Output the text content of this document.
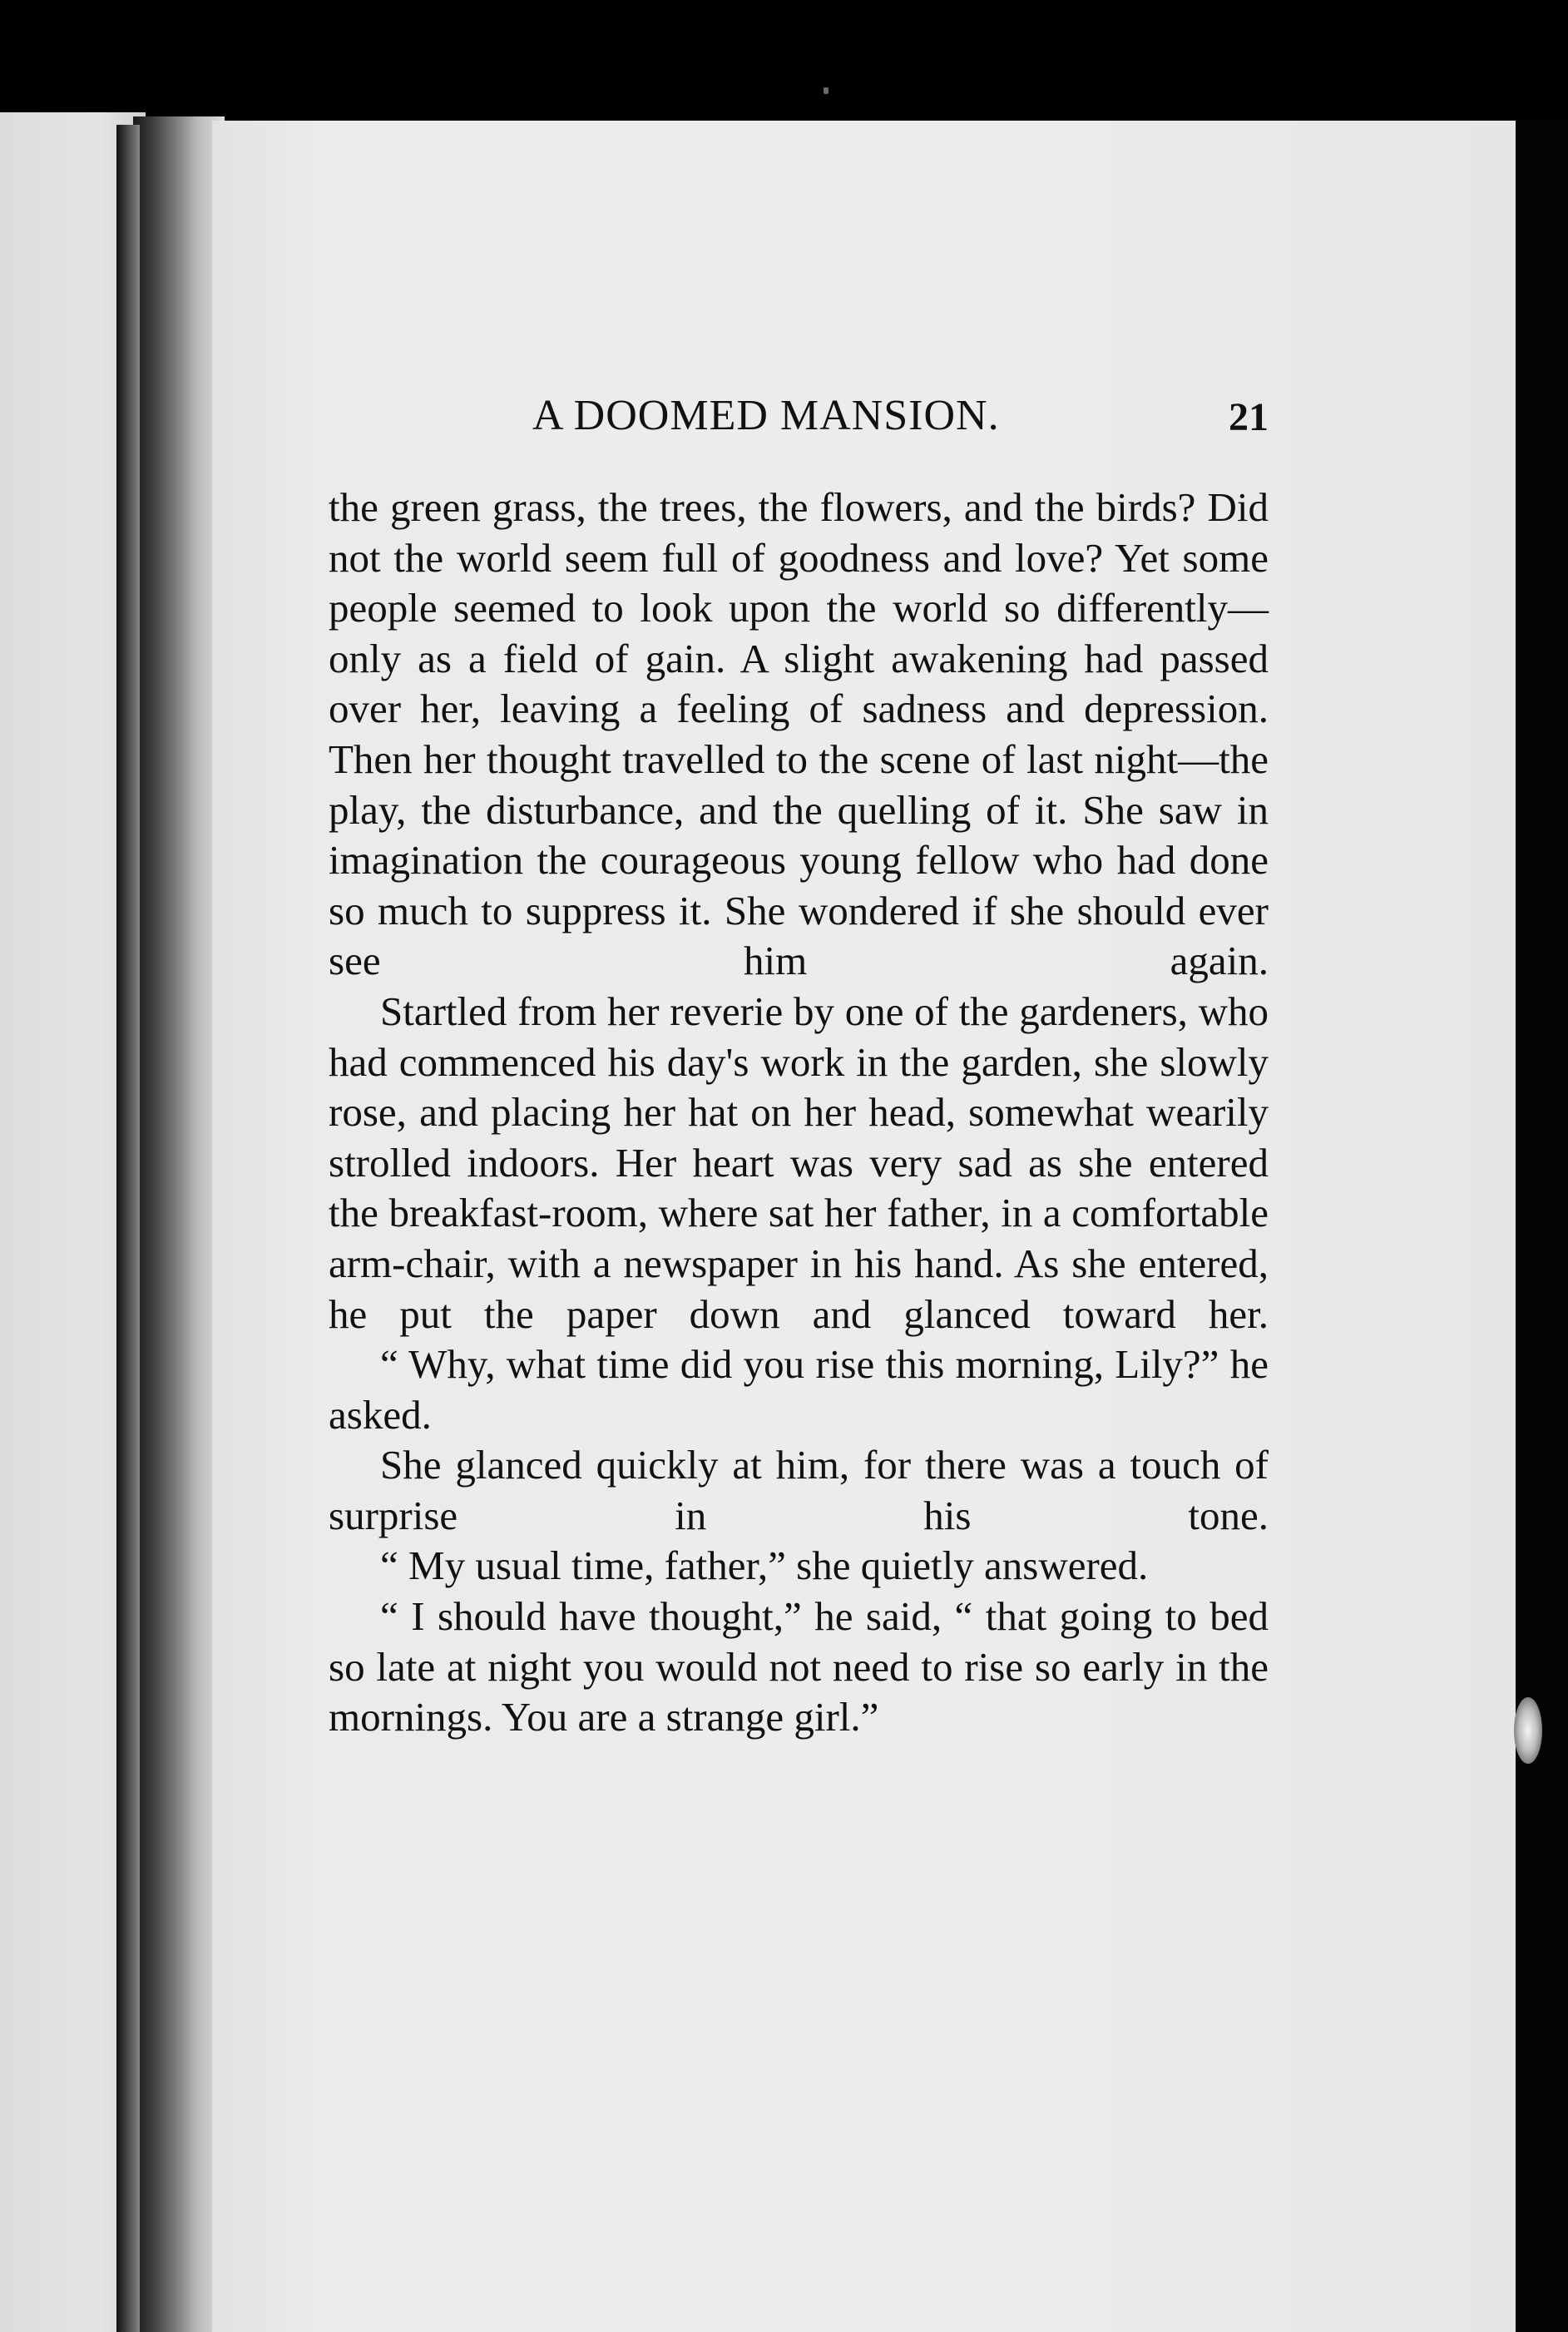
A DOOMED MANSION.	21

the green grass, the trees, the flowers, and the birds? Did not the world seem full of goodness and love? Yet some people seemed to look upon the world so differently—only as a field of gain. A slight awakening had passed over her, leaving a feeling of sadness and depression. Then her thought travelled to the scene of last night—the play, the disturbance, and the quelling of it. She saw in imagination the courageous young fellow who had done so much to suppress it. She wondered if she should ever see him again.

Startled from her reverie by one of the gardeners, who had commenced his day's work in the garden, she slowly rose, and placing her hat on her head, somewhat wearily strolled indoors. Her heart was very sad as she entered the breakfast-room, where sat her father, in a comfortable arm-chair, with a newspaper in his hand. As she entered, he put the paper down and glanced toward her.

“ Why, what time did you rise this morning, Lily?” he asked.

She glanced quickly at him, for there was a touch of surprise in his tone.

“ My usual time, father,” she quietly answered.

“ I should have thought,” he said, “ that going to bed so late at night you would not need to rise so early in the mornings. You are a strange girl.”
